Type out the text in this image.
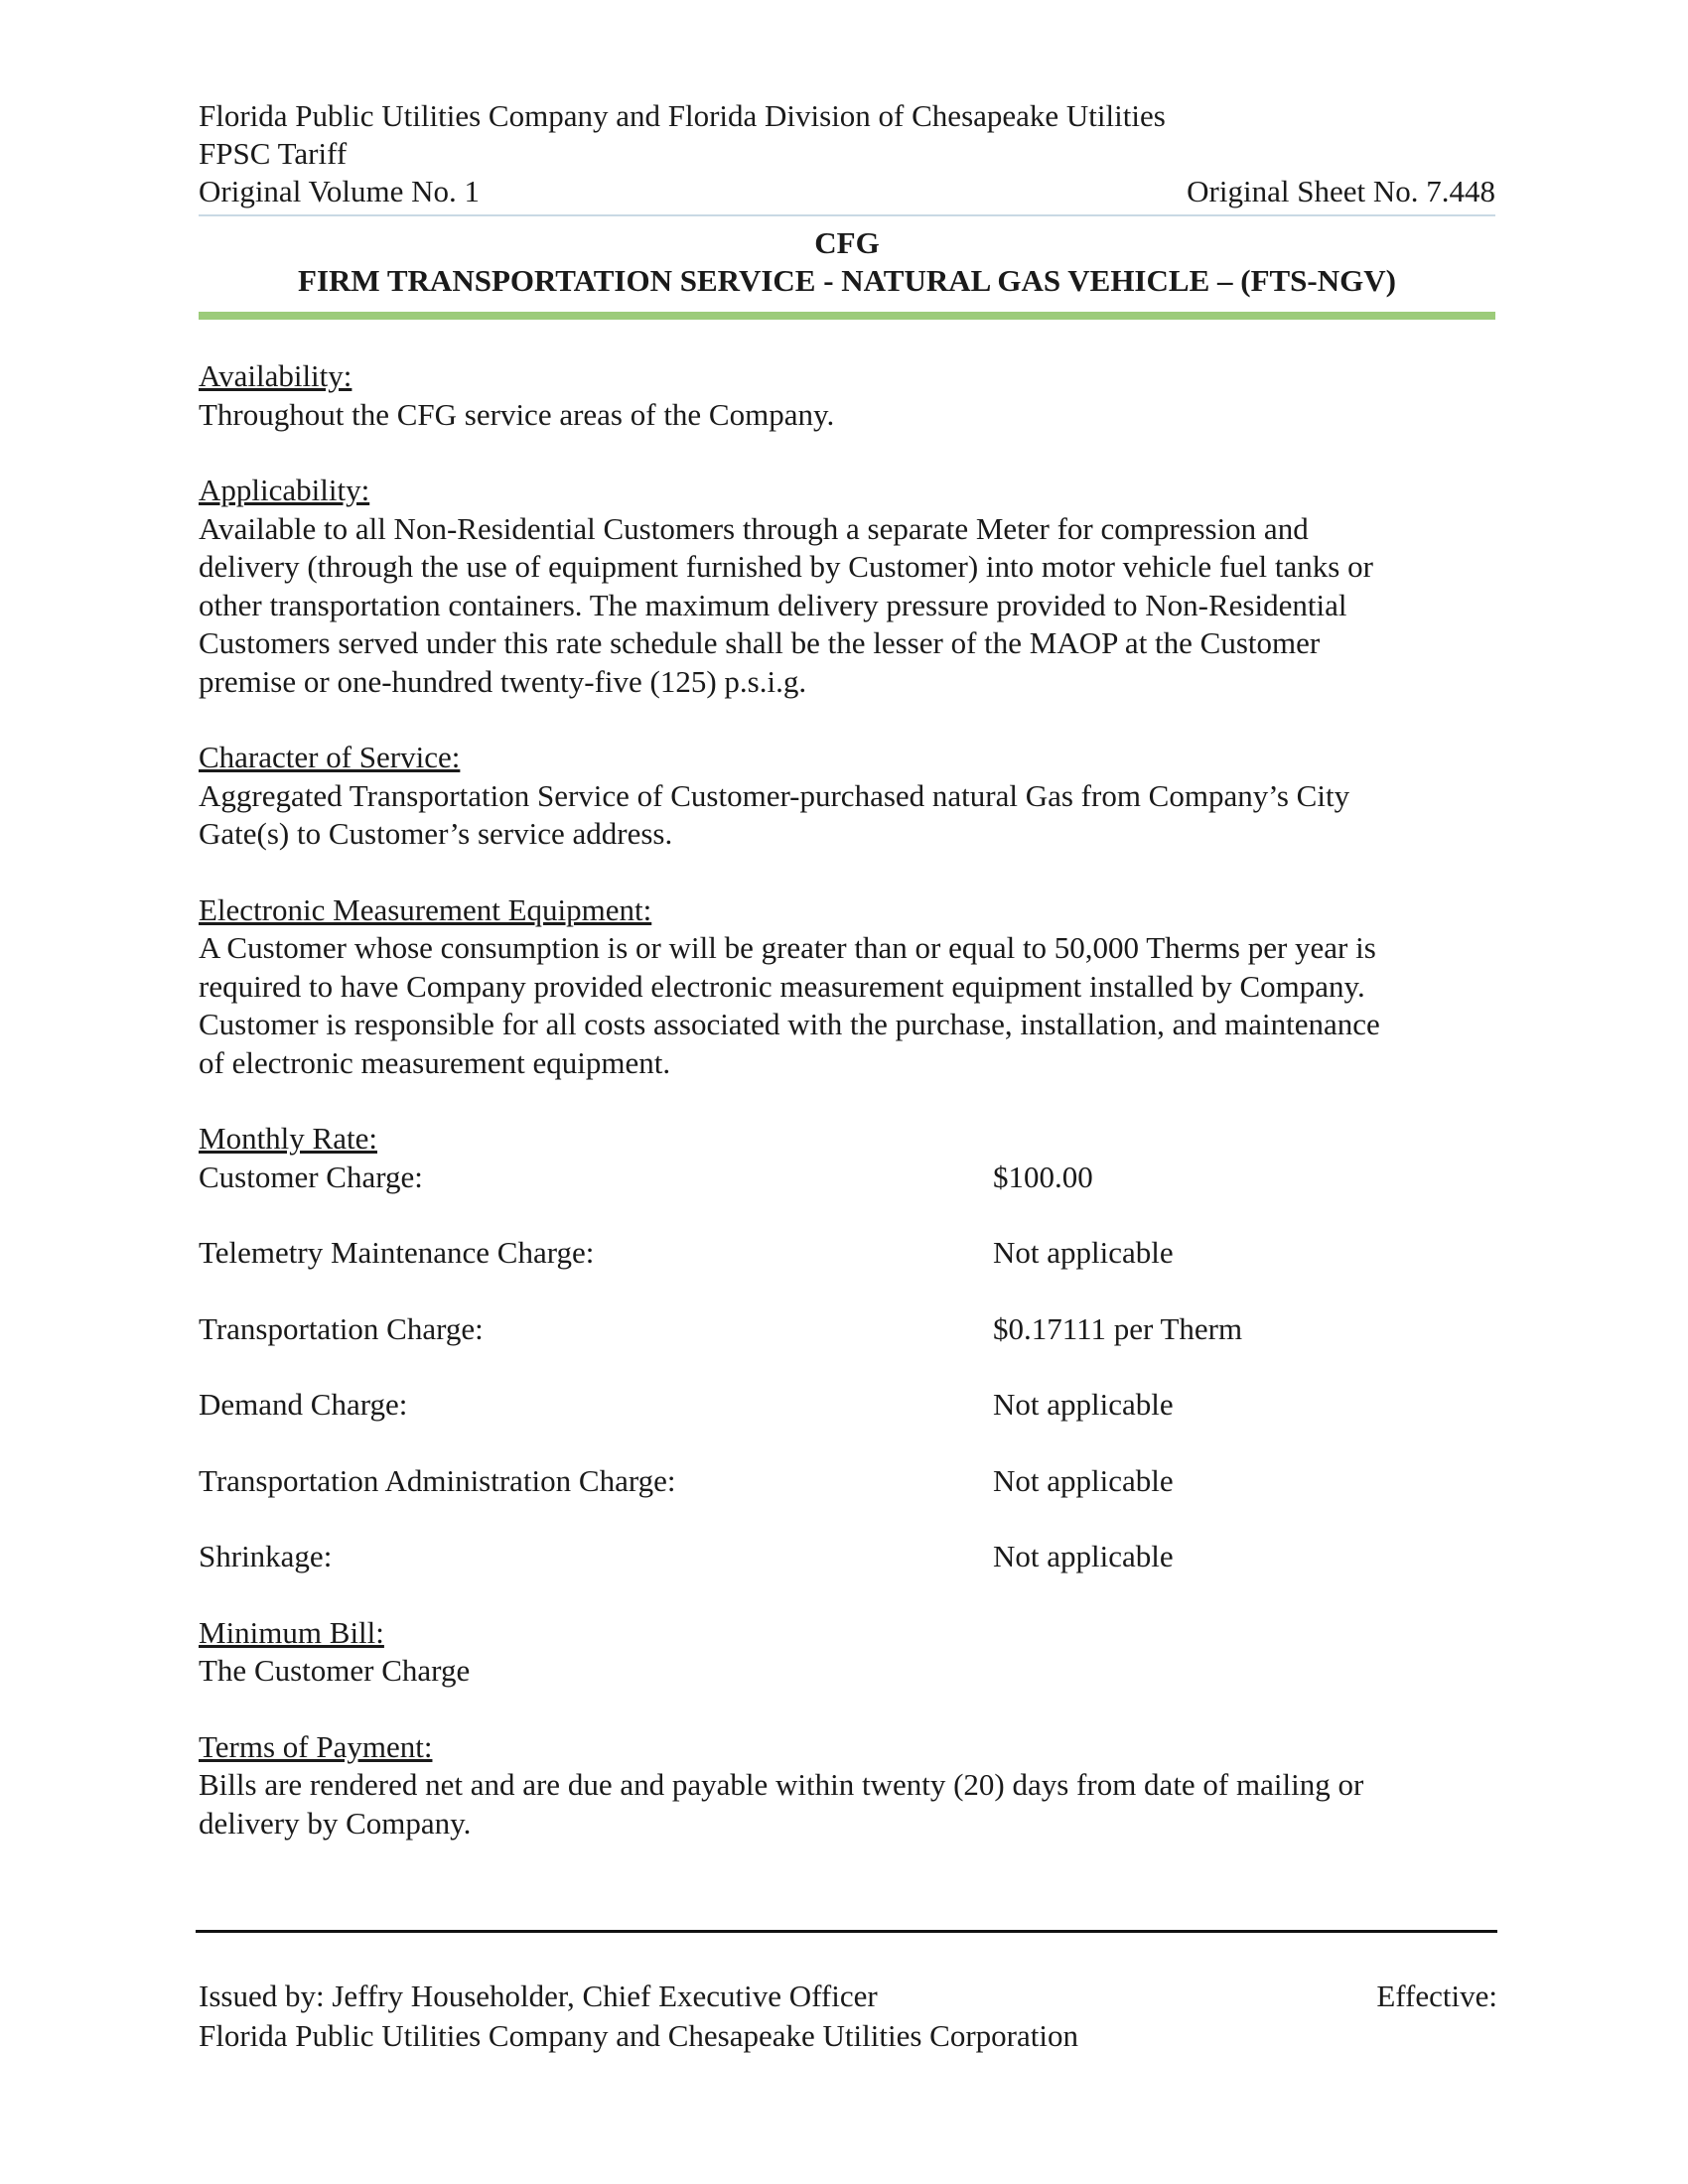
Florida Public Utilities Company and Florida Division of Chesapeake Utilities
FPSC Tariff
Original Volume No. 1	Original Sheet No. 7.448
CFG
FIRM TRANSPORTATION SERVICE - NATURAL GAS VEHICLE – (FTS-NGV)
Availability:
Throughout the CFG service areas of the Company.
Applicability:
Available to all Non-Residential Customers through a separate Meter for compression and
delivery (through the use of equipment furnished by Customer) into motor vehicle fuel tanks or
other transportation containers. The maximum delivery pressure provided to Non-Residential
Customers served under this rate schedule shall be the lesser of the MAOP at the Customer
premise or one-hundred twenty-five (125) p.s.i.g.
Character of Service:
Aggregated Transportation Service of Customer-purchased natural Gas from Company’s City
Gate(s) to Customer’s service address.
Electronic Measurement Equipment:
A Customer whose consumption is or will be greater than or equal to 50,000 Therms per year is
required to have Company provided electronic measurement equipment installed by Company.
Customer is responsible for all costs associated with the purchase, installation, and maintenance
of electronic measurement equipment.
Monthly Rate:
Customer Charge:	$100.00
Telemetry Maintenance Charge:	Not applicable
Transportation Charge:	$0.17111 per Therm
Demand Charge:	Not applicable
Transportation Administration Charge:	Not applicable
Shrinkage:	Not applicable
Minimum Bill:
The Customer Charge
Terms of Payment:
Bills are rendered net and are due and payable within twenty (20) days from date of mailing or
delivery by Company.
Issued by: Jeffry Householder, Chief Executive Officer	Effective:
Florida Public Utilities Company and Chesapeake Utilities Corporation
